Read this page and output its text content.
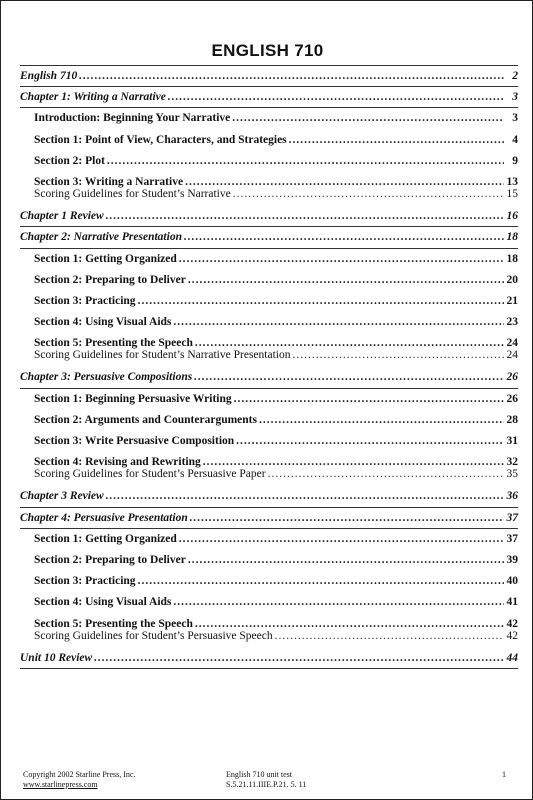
ENGLISH 710
English 710 .....	2
Chapter 1: Writing a Narrative .....	3
Introduction: Beginning Your Narrative .....	3
Section 1: Point of View, Characters, and Strategies .....	4
Section 2: Plot .....	9
Section 3: Writing a Narrative .....	13
Scoring Guidelines for Student’s Narrative .....	15
Chapter 1 Review .....	16
Chapter 2: Narrative Presentation .....	18
Section 1: Getting Organized .....	18
Section 2: Preparing to Deliver .....	20
Section 3: Practicing .....	21
Section 4: Using Visual Aids .....	23
Section 5: Presenting the Speech .....	24
Scoring Guidelines for Student’s Narrative Presentation .....	24
Chapter 3: Persuasive Compositions .....	26
Section 1: Beginning Persuasive Writing .....	26
Section 2: Arguments and Counterarguments .....	28
Section 3: Write Persuasive Composition .....	31
Section 4: Revising and Rewriting .....	32
Scoring Guidelines for Student’s Persuasive Paper .....	35
Chapter 3 Review .....	36
Chapter 4: Persuasive Presentation .....	37
Section 1: Getting Organized .....	37
Section 2: Preparing to Deliver .....	39
Section 3: Practicing .....	40
Section 4: Using Visual Aids .....	41
Section 5: Presenting the Speech .....	42
Scoring Guidelines for Student’s Persuasive Speech .....	42
Unit 10 Review .....	44
Copyright 2002 Starline Press, Inc.
www.starlinepress.com
English 710 unit test
S.5.21.11.IIIE.P.21. 5. 11
1
